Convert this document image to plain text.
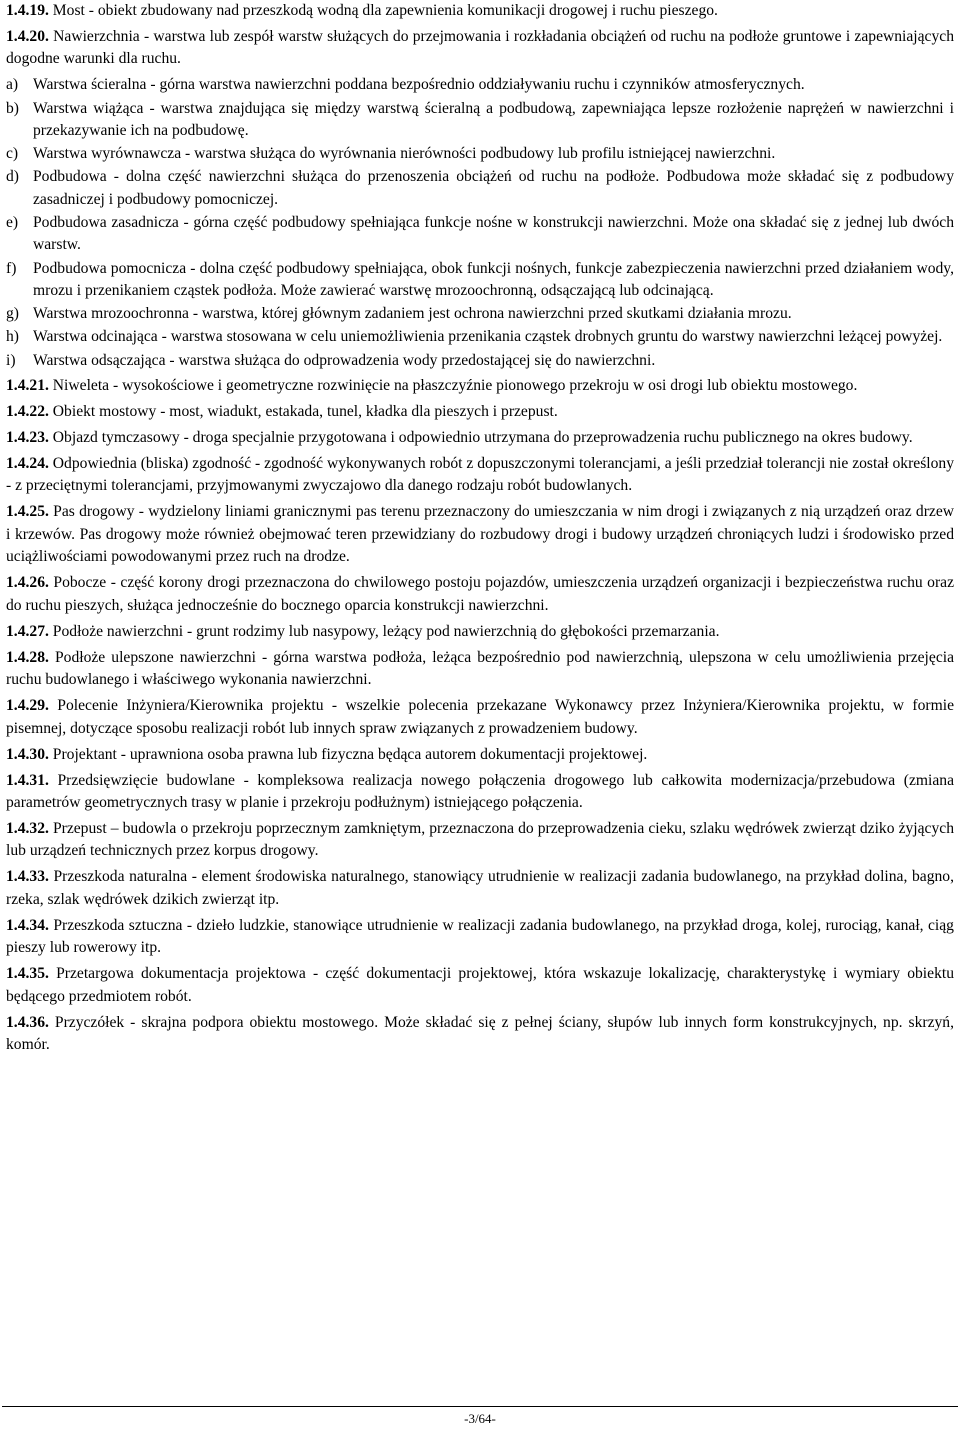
1.4.19. Most - obiekt zbudowany nad przeszkodą wodną dla zapewnienia komunikacji drogowej i ruchu pieszego.

1.4.20. Nawierzchnia - warstwa lub zespół warstw służących do przejmowania i rozkładania obciążeń od ruchu na podłoże gruntowe i zapewniających dogodne warunki dla ruchu.

a) Warstwa ścieralna - górna warstwa nawierzchni poddana bezpośrednio oddziaływaniu ruchu i czynników atmosferycznych.
b) Warstwa wiążąca - warstwa znajdująca się między warstwą ścieralną a podbudową, zapewniająca lepsze rozłożenie naprężeń w nawierzchni i przekazywanie ich na podbudowę.
c) Warstwa wyrównawcza - warstwa służąca do wyrównania nierówności podbudowy lub profilu istniejącej nawierzchni.
d) Podbudowa - dolna część nawierzchni służąca do przenoszenia obciążeń od ruchu na podłoże. Podbudowa może składać się z podbudowy zasadniczej i podbudowy pomocniczej.
e) Podbudowa zasadnicza - górna część podbudowy spełniająca funkcje nośne w konstrukcji nawierzchni. Może ona składać się z jednej lub dwóch warstw.
f)	Podbudowa pomocnicza - dolna część podbudowy spełniająca, obok funkcji nośnych, funkcje zabezpieczenia nawierzchni przed działaniem wody, mrozu i przenikaniem cząstek podłoża. Może zawierać warstwę mrozoochronną, odsączającą lub odcinającą.
g) Warstwa mrozoochronna - warstwa, której głównym zadaniem jest ochrona nawierzchni przed skutkami działania mrozu.
h) Warstwa odcinająca - warstwa stosowana w celu uniemożliwienia przenikania cząstek drobnych gruntu do warstwy nawierzchni leżącej powyżej.
i)	Warstwa odsączająca - warstwa służąca do odprowadzenia wody przedostającej się do nawierzchni.

1.4.21. Niweleta - wysokościowe i geometryczne rozwinięcie na płaszczyźnie pionowego przekroju w osi drogi lub obiektu mostowego.

1.4.22. Obiekt mostowy - most, wiadukt, estakada, tunel, kładka dla pieszych i przepust.

1.4.23. Objazd tymczasowy - droga specjalnie przygotowana i odpowiednio utrzymana do przeprowadzenia ruchu publicznego na okres budowy.

1.4.24. Odpowiednia (bliska) zgodność - zgodność wykonywanych robót z dopuszczonymi tolerancjami, a jeśli przedział tolerancji nie został określony - z przeciętnymi tolerancjami, przyjmowanymi zwyczajowo dla danego rodzaju robót budowlanych.

1.4.25. Pas drogowy - wydzielony liniami granicznymi pas terenu przeznaczony do umieszczania w nim drogi i związanych z nią urządzeń oraz drzew i krzewów. Pas drogowy może również obejmować teren przewidziany do rozbudowy drogi i budowy urządzeń chroniących ludzi i środowisko przed uciążliwościami powodowanymi przez ruch na drodze.

1.4.26. Pobocze - część korony drogi przeznaczona do chwilowego postoju pojazdów, umieszczenia urządzeń organizacji i bezpieczeństwa ruchu oraz do ruchu pieszych, służąca jednocześnie do bocznego oparcia konstrukcji nawierzchni.

1.4.27. Podłoże nawierzchni - grunt rodzimy lub nasypowy, leżący pod nawierzchnią do głębokości przemarzania.

1.4.28. Podłoże ulepszone nawierzchni - górna warstwa podłoża, leżąca bezpośrednio pod nawierzchnią, ulepszona w celu umożliwienia przejęcia ruchu budowlanego i właściwego wykonania nawierzchni.

1.4.29. Polecenie Inżyniera/Kierownika projektu - wszelkie polecenia przekazane Wykonawcy przez Inżyniera/Kierownika projektu, w formie pisemnej, dotyczące sposobu realizacji robót lub innych spraw związanych z prowadzeniem budowy.

1.4.30. Projektant - uprawniona osoba prawna lub fizyczna będąca autorem dokumentacji projektowej.

1.4.31. Przedsięwzięcie budowlane - kompleksowa realizacja nowego połączenia drogowego lub całkowita modernizacja/przebudowa (zmiana parametrów geometrycznych trasy w planie i przekroju podłużnym) istniejącego połączenia.

1.4.32. Przepust – budowla o przekroju poprzecznym zamkniętym, przeznaczona do przeprowadzenia cieku, szlaku wędrówek zwierząt dziko żyjących lub urządzeń technicznych przez korpus drogowy.

1.4.33. Przeszkoda naturalna - element środowiska naturalnego, stanowiący utrudnienie w realizacji zadania budowlanego, na przykład dolina, bagno, rzeka, szlak wędrówek dzikich zwierząt itp.

1.4.34. Przeszkoda sztuczna - dzieło ludzkie, stanowiące utrudnienie w realizacji zadania budowlanego, na przykład droga, kolej, rurociąg, kanał, ciąg pieszy lub rowerowy itp.

1.4.35. Przetargowa dokumentacja projektowa - część dokumentacji projektowej, która wskazuje lokalizację, charakterystykę i wymiary obiektu będącego przedmiotem robót.

1.4.36. Przyczółek - skrajna podpora obiektu mostowego. Może składać się z pełnej ściany, słupów lub innych form konstrukcyjnych, np. skrzyń, komór.

-3/64-
